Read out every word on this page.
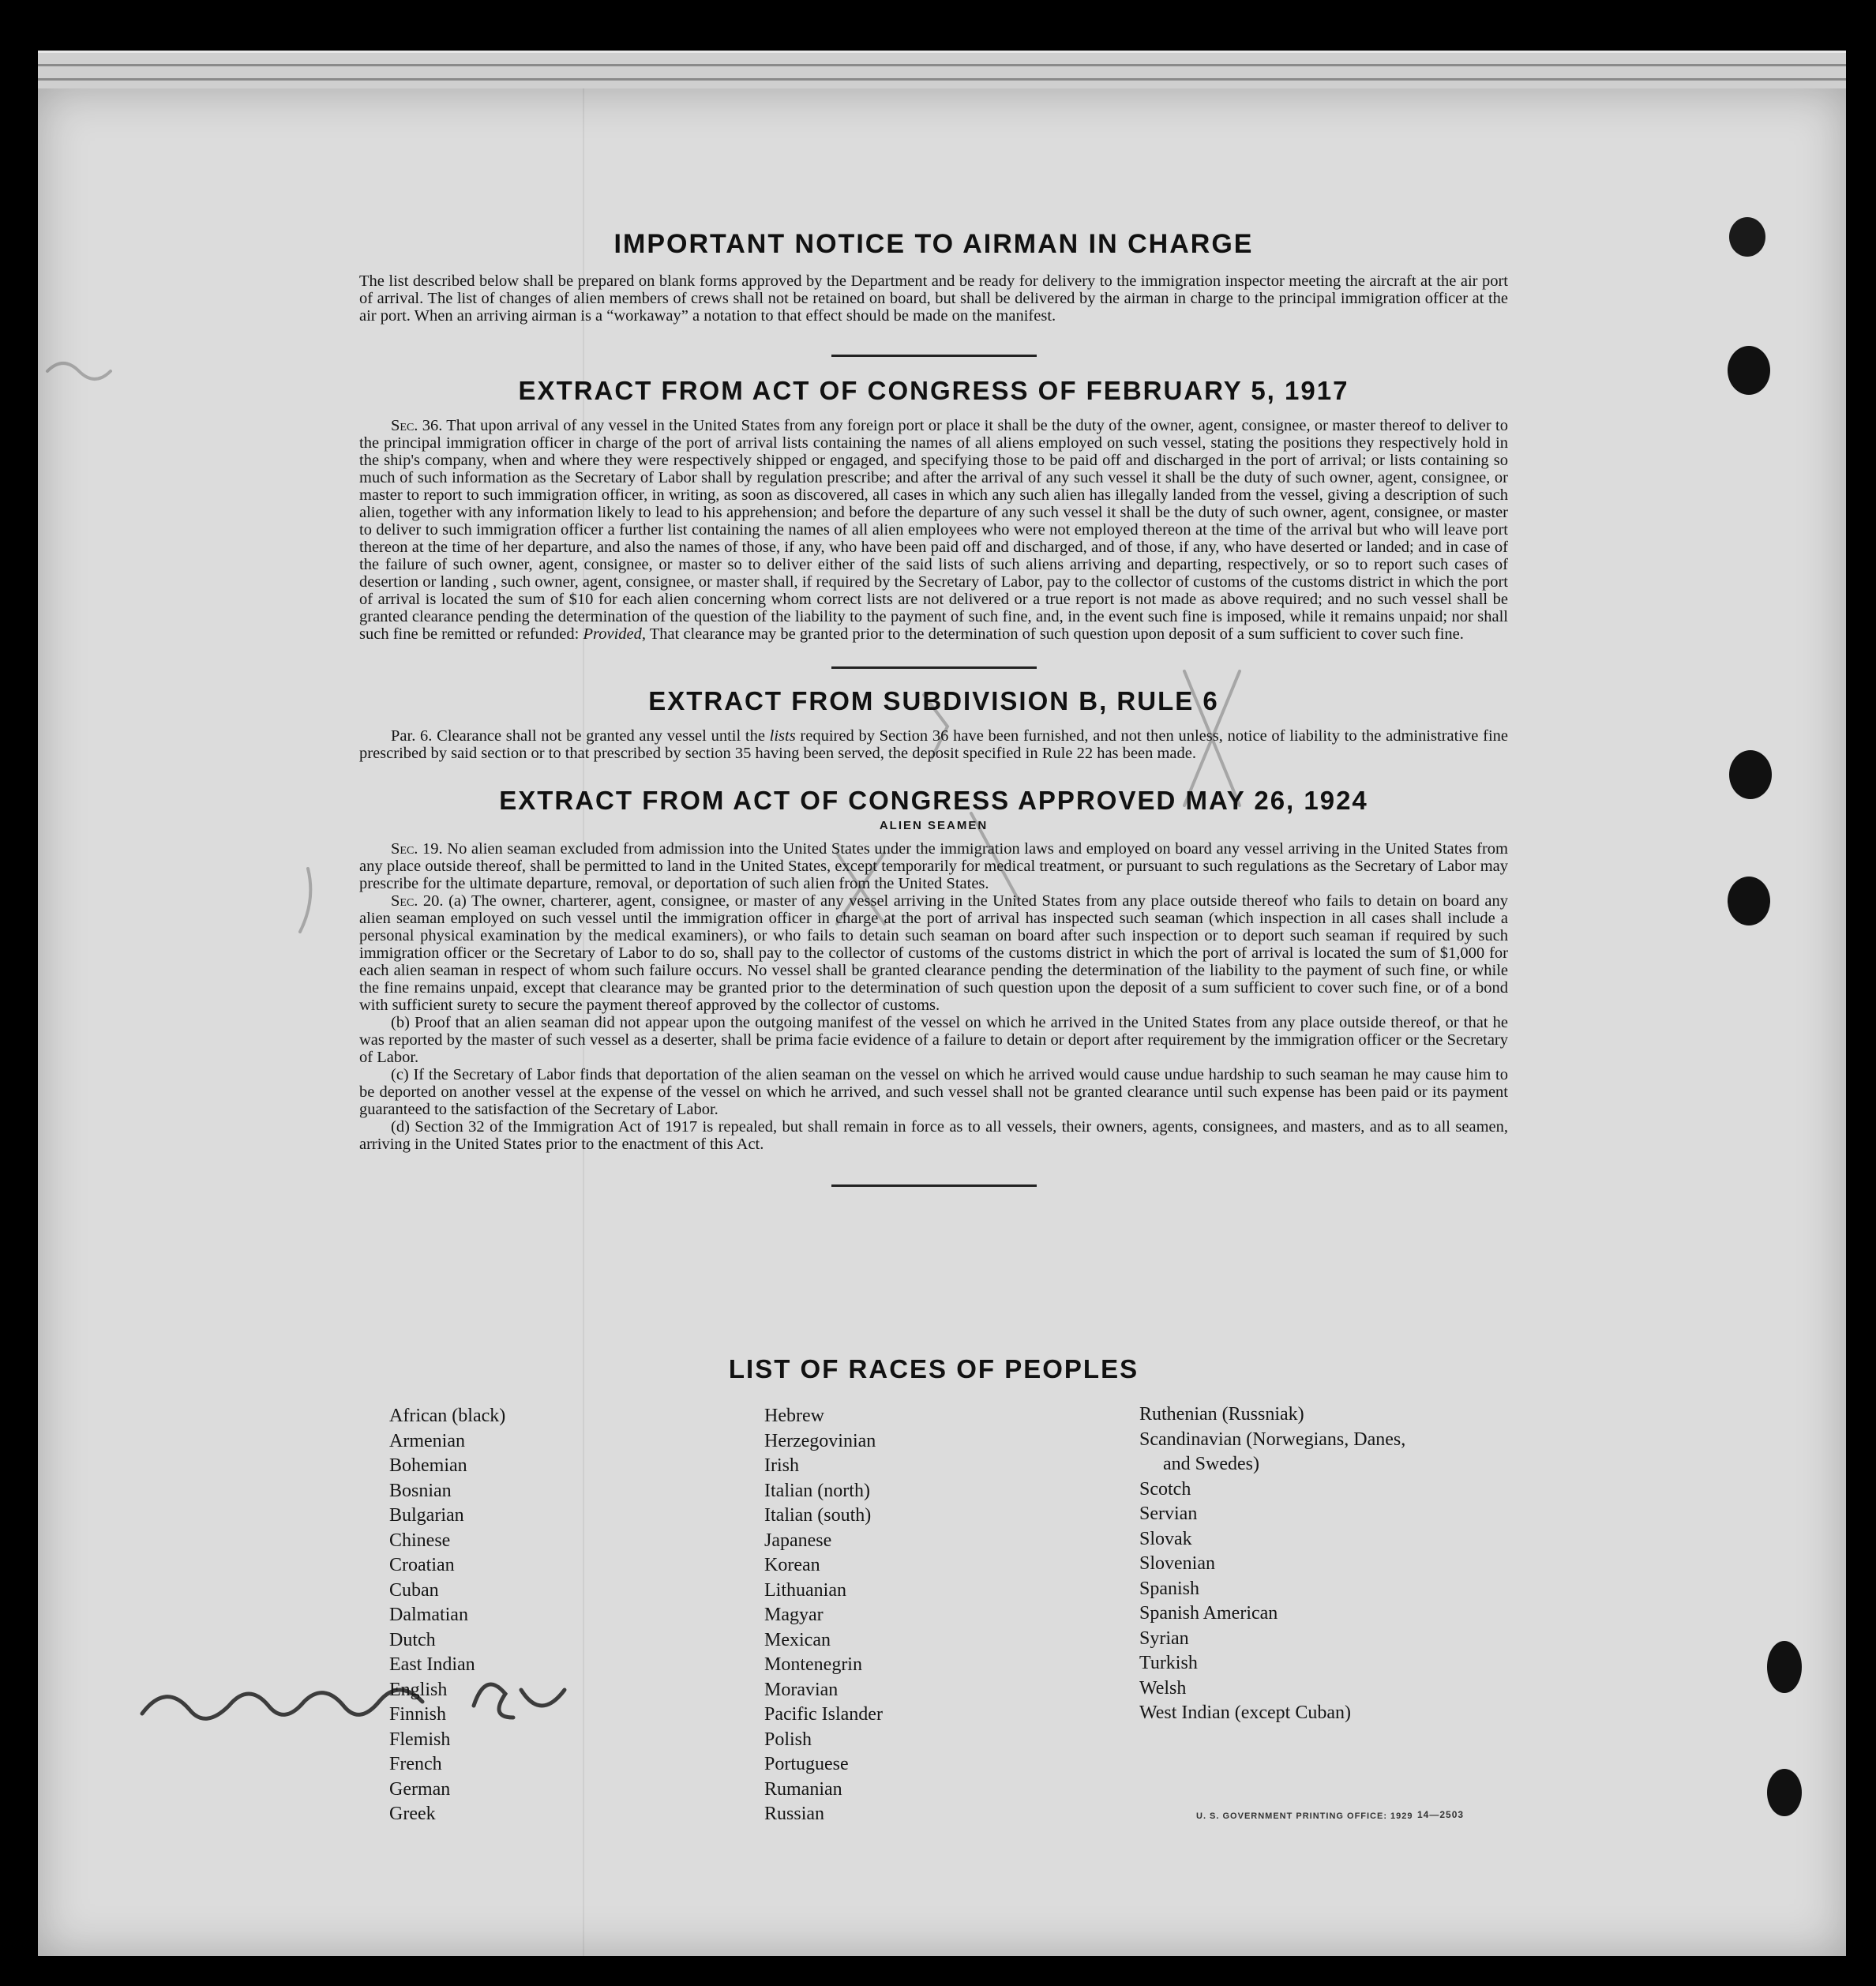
IMPORTANT NOTICE TO AIRMAN IN CHARGE

The list described below shall be prepared on blank forms approved by the Department and be ready for delivery to the immigration inspector meeting the aircraft at the air port of arrival. The list of changes of alien members of crews shall not be retained on board, but shall be delivered by the airman in charge to the principal immigration officer at the air port. When an arriving airman is a “workaway” a notation to that effect should be made on the manifest.

EXTRACT FROM ACT OF CONGRESS OF FEBRUARY 5, 1917

Sec. 36. That upon arrival of any vessel in the United States from any foreign port or place it shall be the duty of the owner, agent, consignee, or master thereof to deliver to the principal immigration officer in charge of the port of arrival lists containing the names of all aliens employed on such vessel, stating the positions they respectively hold in the ship's company, when and where they were respectively shipped or engaged, and specifying those to be paid off and discharged in the port of arrival; or lists containing so much of such information as the Secretary of Labor shall by regulation prescribe; and after the arrival of any such vessel it shall be the duty of such owner, agent, consignee, or master to report to such immigration officer, in writing, as soon as discovered, all cases in which any such alien has illegally landed from the vessel, giving a description of such alien, together with any information likely to lead to his apprehension; and before the departure of any such vessel it shall be the duty of such owner, agent, consignee, or master to deliver to such immigration officer a further list containing the names of all alien employees who were not employed thereon at the time of the arrival but who will leave port thereon at the time of her departure, and also the names of those, if any, who have been paid off and discharged, and of those, if any, who have deserted or landed; and in case of the failure of such owner, agent, consignee, or master so to deliver either of the said lists of such aliens arriving and departing, respectively, or so to report such cases of desertion or landing , such owner, agent, consignee, or master shall, if required by the Secretary of Labor, pay to the collector of customs of the customs district in which the port of arrival is located the sum of $10 for each alien concerning whom correct lists are not delivered or a true report is not made as above required; and no such vessel shall be granted clearance pending the determination of the question of the liability to the payment of such fine, and, in the event such fine is imposed, while it remains unpaid; nor shall such fine be remitted or refunded: Provided, That clearance may be granted prior to the determination of such question upon deposit of a sum sufficient to cover such fine.

EXTRACT FROM SUBDIVISION B, RULE 6

Par. 6. Clearance shall not be granted any vessel until the lists required by Section 36 have been furnished, and not then unless, notice of liability to the administrative fine prescribed by said section or to that prescribed by section 35 having been served, the deposit specified in Rule 22 has been made.

EXTRACT FROM ACT OF CONGRESS APPROVED MAY 26, 1924
ALIEN SEAMEN

Sec. 19. No alien seaman excluded from admission into the United States under the immigration laws and employed on board any vessel arriving in the United States from any place outside thereof, shall be permitted to land in the United States, except temporarily for medical treatment, or pursuant to such regulations as the Secretary of Labor may prescribe for the ultimate departure, removal, or deportation of such alien from the United States.

Sec. 20. (a) The owner, charterer, agent, consignee, or master of any vessel arriving in the United States from any place outside thereof who fails to detain on board any alien seaman employed on such vessel until the immigration officer in charge at the port of arrival has inspected such seaman (which inspection in all cases shall include a personal physical examination by the medical examiners), or who fails to detain such seaman on board after such inspection or to deport such seaman if required by such immigration officer or the Secretary of Labor to do so, shall pay to the collector of customs of the customs district in which the port of arrival is located the sum of $1,000 for each alien seaman in respect of whom such failure occurs. No vessel shall be granted clearance pending the determination of the liability to the payment of such fine, or while the fine remains unpaid, except that clearance may be granted prior to the determination of such question upon the deposit of a sum sufficient to cover such fine, or of a bond with sufficient surety to secure the payment thereof approved by the collector of customs.

(b) Proof that an alien seaman did not appear upon the outgoing manifest of the vessel on which he arrived in the United States from any place outside thereof, or that he was reported by the master of such vessel as a deserter, shall be prima facie evidence of a failure to detain or deport after requirement by the immigration officer or the Secretary of Labor.

(c) If the Secretary of Labor finds that deportation of the alien seaman on the vessel on which he arrived would cause undue hardship to such seaman he may cause him to be deported on another vessel at the expense of the vessel on which he arrived, and such vessel shall not be granted clearance until such expense has been paid or its payment guaranteed to the satisfaction of the Secretary of Labor.

(d) Section 32 of the Immigration Act of 1917 is repealed, but shall remain in force as to all vessels, their owners, agents, consignees, and masters, and as to all seamen, arriving in the United States prior to the enactment of this Act.

LIST OF RACES OF PEOPLES
African (black)
Armenian
Bohemian
Bosnian
Bulgarian
Chinese
Croatian
Cuban
Dalmatian
Dutch
East Indian
English
Finnish
Flemish
French
German
Greek
Hebrew
Herzegovinian
Irish
Italian (north)
Italian (south)
Japanese
Korean
Lithuanian
Magyar
Mexican
Montenegrin
Moravian
Pacific Islander
Polish
Portuguese
Rumanian
Russian
Ruthenian (Russniak)
Scandinavian (Norwegians, Danes,
and Swedes)
Scotch
Servian
Slovak
Slovenian
Spanish
Spanish American
Syrian
Turkish
Welsh
West Indian (except Cuban)
U. S. GOVERNMENT PRINTING OFFICE: 1929 14—2503
